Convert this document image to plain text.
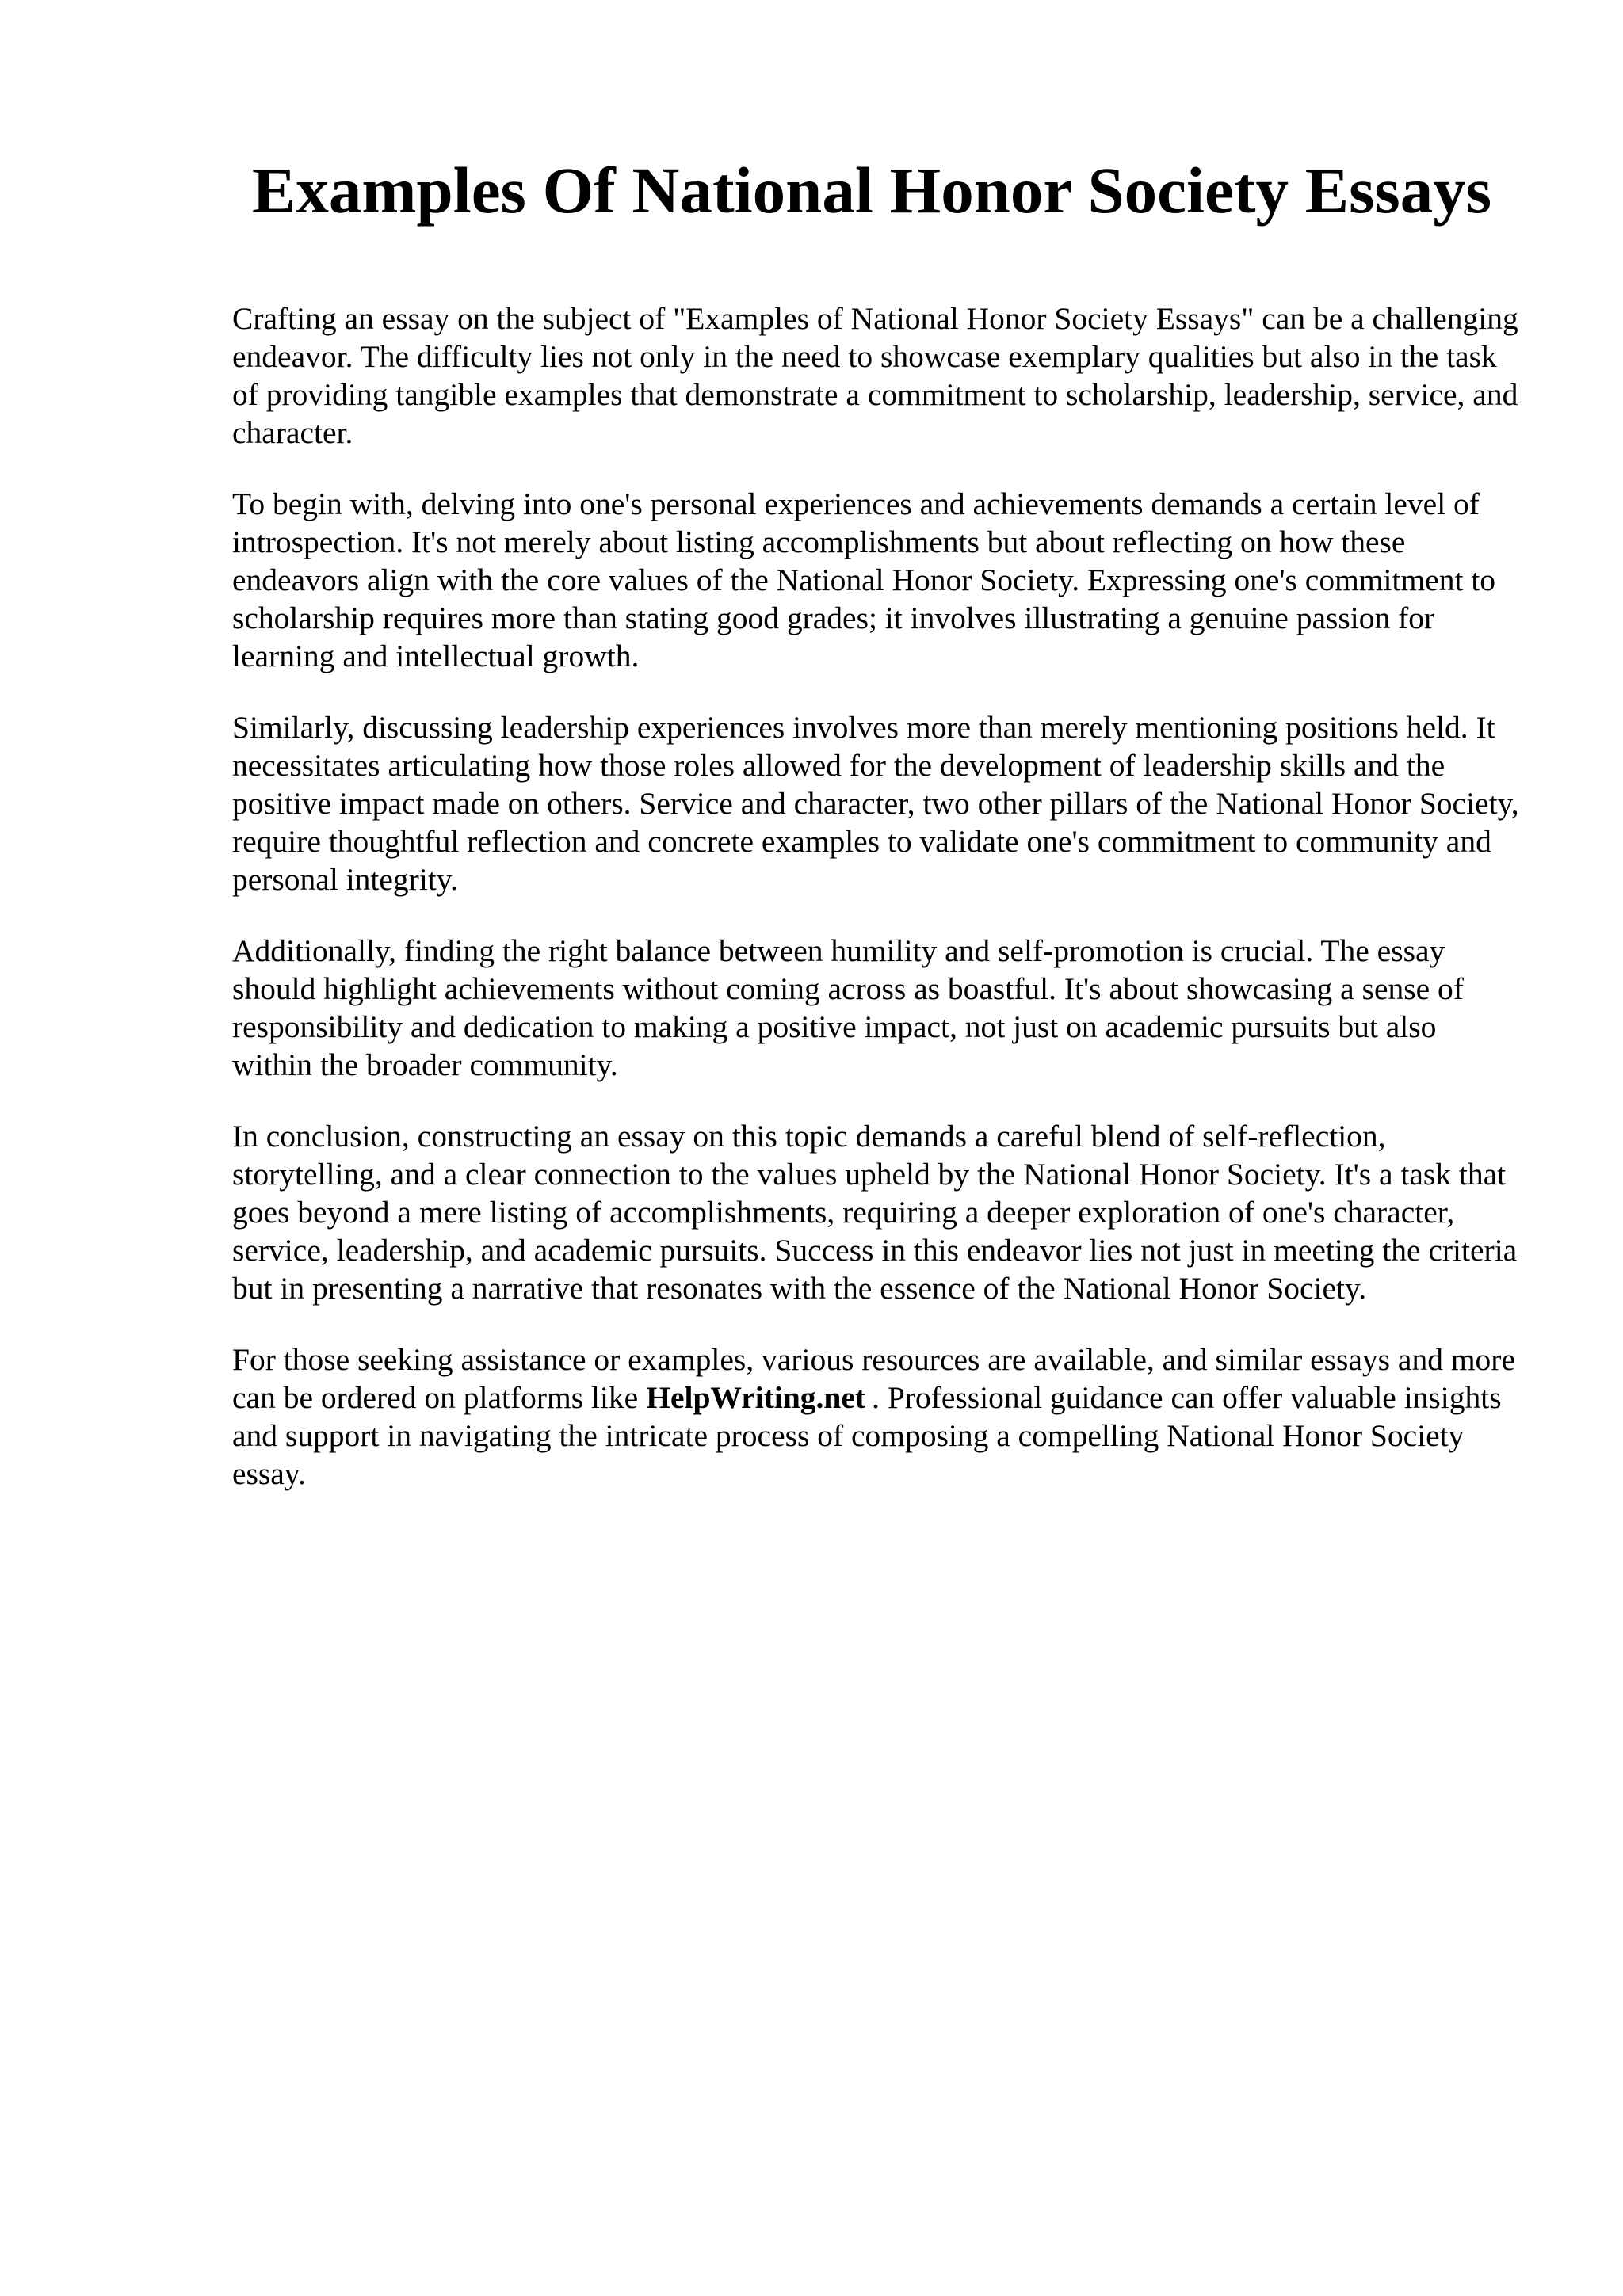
Examples Of National Honor Society Essays

Crafting an essay on the subject of "Examples of National Honor Society Essays" can be a challenging endeavor. The difficulty lies not only in the need to showcase exemplary qualities but also in the task of providing tangible examples that demonstrate a commitment to scholarship, leadership, service, and character.

To begin with, delving into one's personal experiences and achievements demands a certain level of introspection. It's not merely about listing accomplishments but about reflecting on how these endeavors align with the core values of the National Honor Society. Expressing one's commitment to scholarship requires more than stating good grades; it involves illustrating a genuine passion for learning and intellectual growth.

Similarly, discussing leadership experiences involves more than merely mentioning positions held. It necessitates articulating how those roles allowed for the development of leadership skills and the positive impact made on others. Service and character, two other pillars of the National Honor Society, require thoughtful reflection and concrete examples to validate one's commitment to community and personal integrity.

Additionally, finding the right balance between humility and self-promotion is crucial. The essay should highlight achievements without coming across as boastful. It's about showcasing a sense of responsibility and dedication to making a positive impact, not just on academic pursuits but also within the broader community.

In conclusion, constructing an essay on this topic demands a careful blend of self-reflection, storytelling, and a clear connection to the values upheld by the National Honor Society. It's a task that goes beyond a mere listing of accomplishments, requiring a deeper exploration of one's character, service, leadership, and academic pursuits. Success in this endeavor lies not just in meeting the criteria but in presenting a narrative that resonates with the essence of the National Honor Society.

For those seeking assistance or examples, various resources are available, and similar essays and more can be ordered on platforms like HelpWriting.net . Professional guidance can offer valuable insights and support in navigating the intricate process of composing a compelling National Honor Society essay.
